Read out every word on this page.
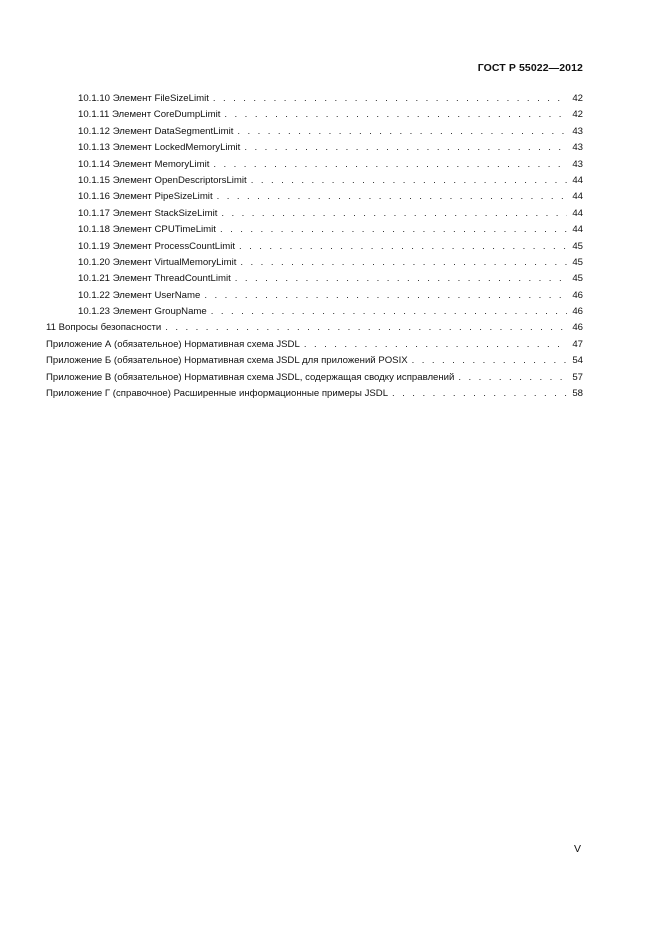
ГОСТ Р 55022—2012
10.1.10 Элемент FileSizeLimit . . .	42
10.1.11 Элемент CoreDumpLimit . . .	42
10.1.12 Элемент DataSegmentLimit . . .	43
10.1.13 Элемент LockedMemoryLimit . . .	43
10.1.14 Элемент MemoryLimit . . .	43
10.1.15 Элемент OpenDescriptorsLimit . . .	44
10.1.16 Элемент PipeSizeLimit . . .	44
10.1.17 Элемент StackSizeLimit . . .	44
10.1.18 Элемент CPUTimeLimit . . .	44
10.1.19 Элемент ProcessCountLimit . . .	45
10.1.20 Элемент VirtualMemoryLimit . . .	45
10.1.21 Элемент ThreadCountLimit . . .	45
10.1.22 Элемент UserName . . .	46
10.1.23 Элемент GroupName . . .	46
11 Вопросы безопасности . . .	46
Приложение А (обязательное) Нормативная схема JSDL . . .	47
Приложение Б (обязательное) Нормативная схема JSDL для приложений POSIX . . .	54
Приложение В (обязательное) Нормативная схема JSDL, содержащая сводку исправлений . . .	57
Приложение Г (справочное) Расширенные информационные примеры JSDL . . .	58
V
